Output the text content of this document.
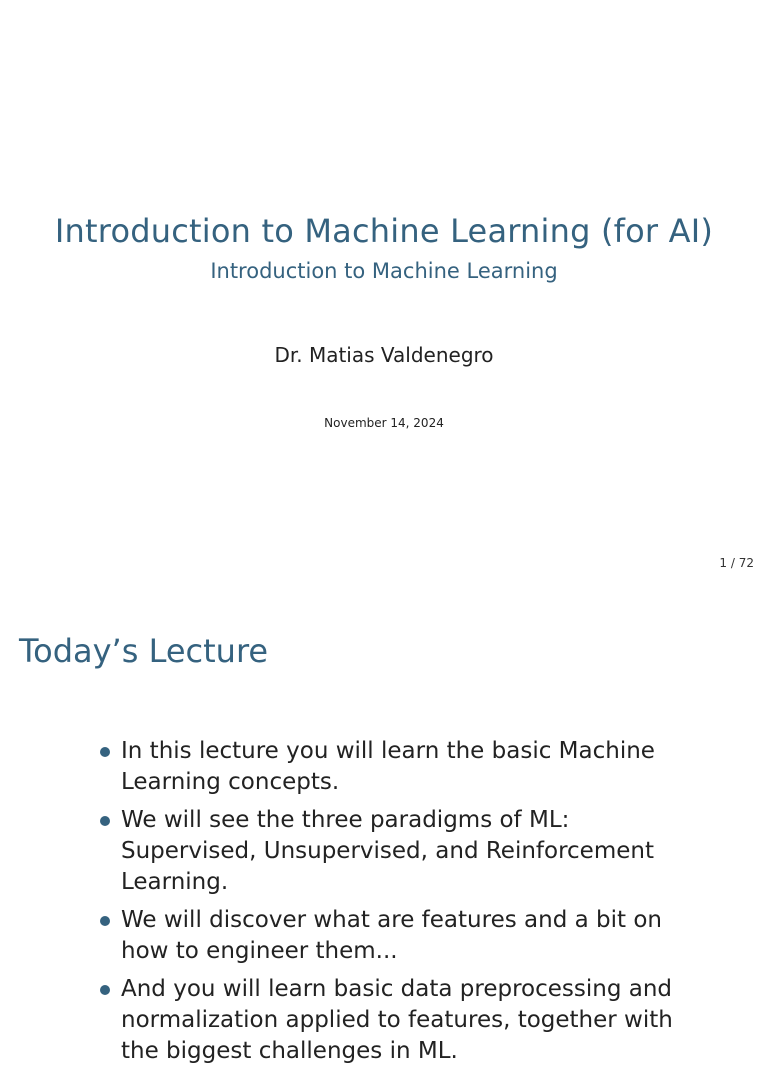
Introduction to Machine Learning (for AI)
Introduction to Machine Learning
Dr. Matias Valdenegro
November 14, 2024
1 / 72
Today’s Lecture
In this lecture you will learn the basic Machine Learning concepts.
We will see the three paradigms of ML: Supervised, Unsupervised, and Reinforcement Learning.
We will discover what are features and a bit on how to engineer them...
And you will learn basic data preprocessing and normalization applied to features, together with the biggest challenges in ML.
